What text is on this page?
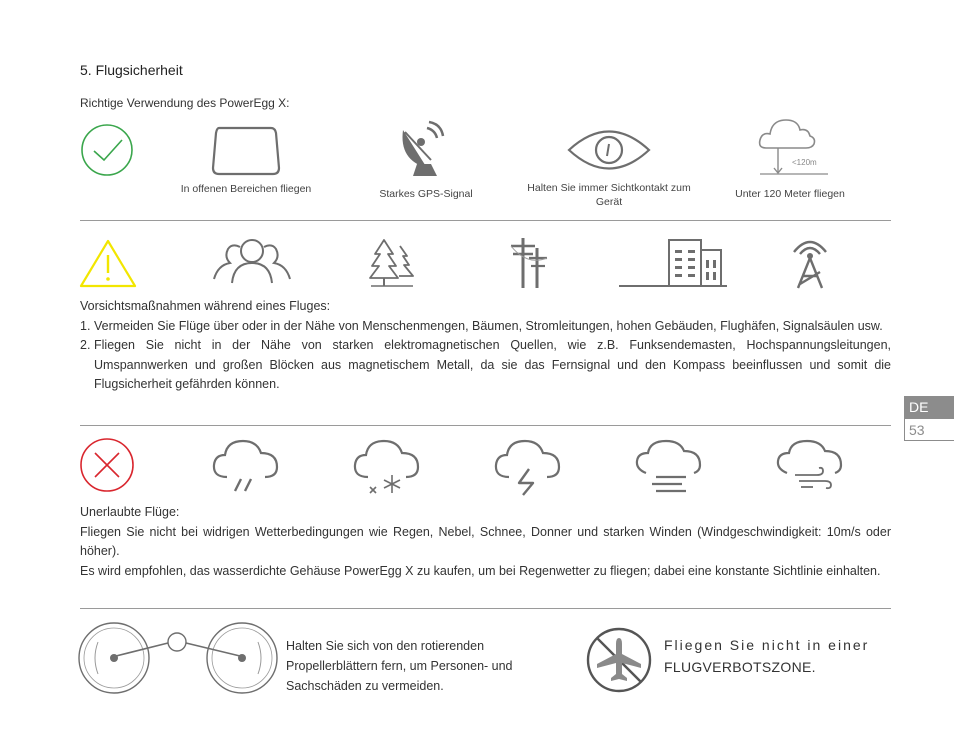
5. Flugsicherheit
Richtige Verwendung des PowerEgg X:
In offenen Bereichen fliegen	Starkes GPS-Signal	Halten Sie immer Sichtkontakt zum Gerät
<120m
Unter 120 Meter fliegen

Vorsichtsmaßnahmen während eines Fluges:

1. Vermeiden Sie Flüge über oder in der Nähe von Menschenmengen, Bäumen, Stromleitungen, hohen Gebäuden, Flughäfen, Signalsäulen usw.
2. Fliegen Sie nicht in der Nähe von starken elektromagnetischen Quellen, wie z.B. Funksendemasten, Hochspannungsleitungen, Umspannwerken und großen Blöcken aus magnetischem Metall, da sie das Fernsignal und den Kompass beeinflussen und somit die Flugsicherheit gefährden können.

Unerlaubte Flüge:

Fliegen Sie nicht bei widrigen Wetterbedingungen wie Regen, Nebel, Schnee, Donner und starken Winden (Windgeschwindigkeit: 10m/s oder höher).

Es wird empfohlen, das wasserdichte Gehäuse PowerEgg X zu kaufen, um bei Regenwetter zu fliegen; dabei eine konstante Sichtlinie einhalten.

Halten Sie sich von den rotierenden Propellerblättern fern, um Personen- und Sachschäden zu vermeiden.
Fliegen Sie nicht in einer
FLUGVERBOTSZONE.
DE
53
